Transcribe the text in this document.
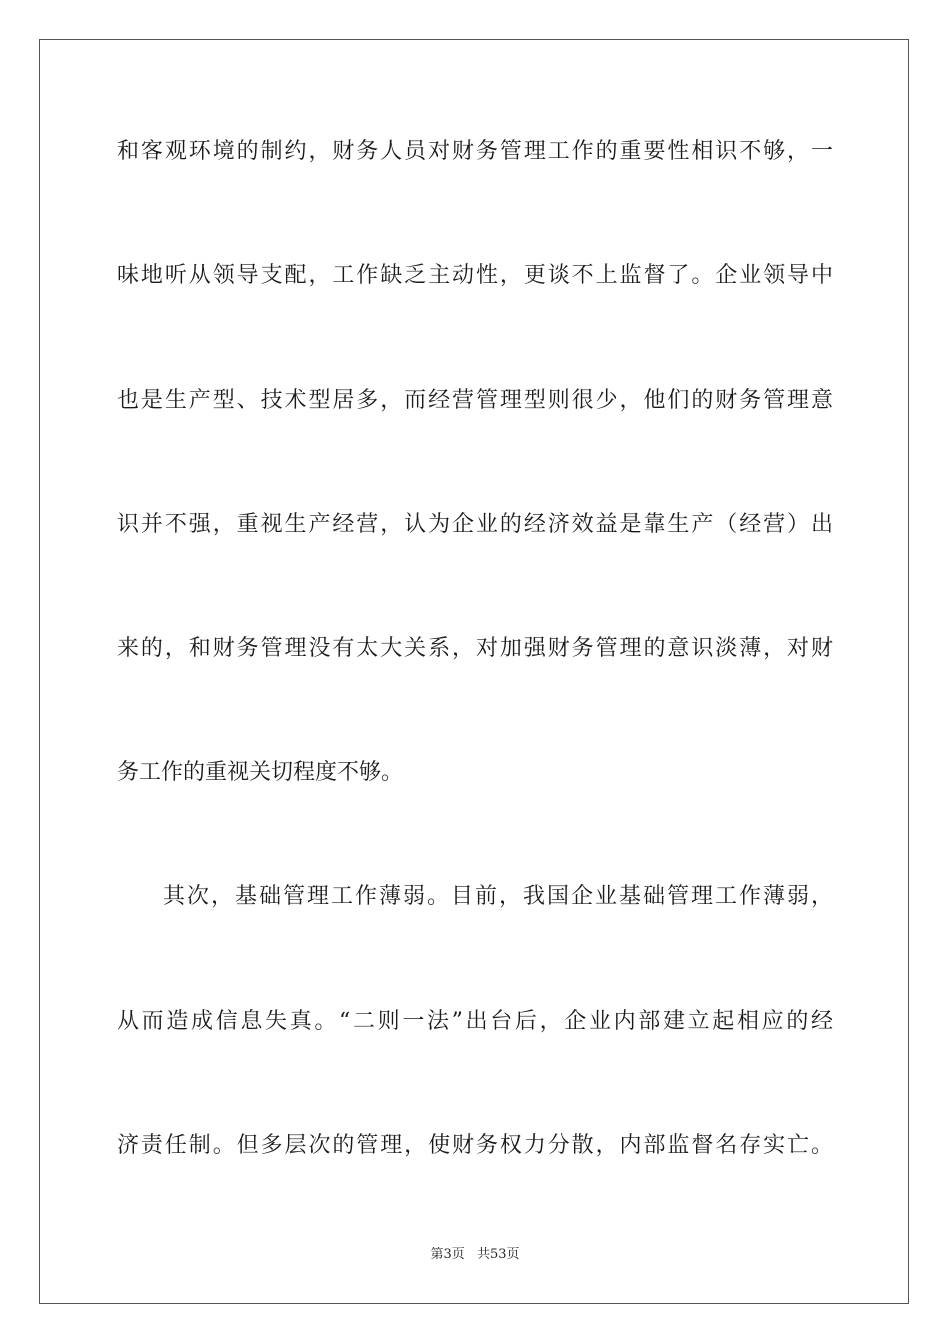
和客观环境的制约，财务人员对财务管理工作的重要性相识不够，一
味地听从领导支配，工作缺乏主动性，更谈不上监督了。企业领导中
也是生产型、技术型居多，而经营管理型则很少，他们的财务管理意
识并不强，重视生产经营，认为企业的经济效益是靠生产（经营）出
来的，和财务管理没有太大关系，对加强财务管理的意识淡薄，对财
务工作的重视关切程度不够。
其次，基础管理工作薄弱。目前，我国企业基础管理工作薄弱，
从而造成信息失真。“二则一法”出台后，企业内部建立起相应的经
济责任制。但多层次的管理，使财务权力分散，内部监督名存实亡。
第3页 共53页
